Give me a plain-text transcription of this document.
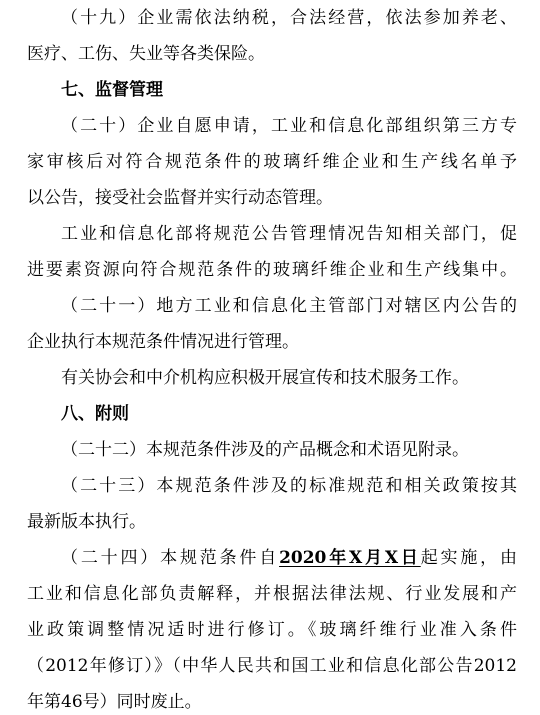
（十九）企业需依法纳税，合法经营，依法参加养老、
医疗、工伤、失业等各类保险。
七、监督管理
（二十）企业自愿申请，工业和信息化部组织第三方专
家审核后对符合规范条件的玻璃纤维企业和生产线名单予
以公告，接受社会监督并实行动态管理。
工业和信息化部将规范公告管理情况告知相关部门，促
进要素资源向符合规范条件的玻璃纤维企业和生产线集中。
（二十一）地方工业和信息化主管部门对辖区内公告的
企业执行本规范条件情况进行管理。
有关协会和中介机构应积极开展宣传和技术服务工作。
八、附则
（二十二）本规范条件涉及的产品概念和术语见附录。
（二十三）本规范条件涉及的标准规范和相关政策按其
最新版本执行。
（二十四）本规范条件自2020年X月X日起实施，由
工业和信息化部负责解释，并根据法律法规、行业发展和产
业政策调整情况适时进行修订。《玻璃纤维行业准入条件
（2012年修订）》（中华人民共和国工业和信息化部公告2012
年第46号）同时废止。
